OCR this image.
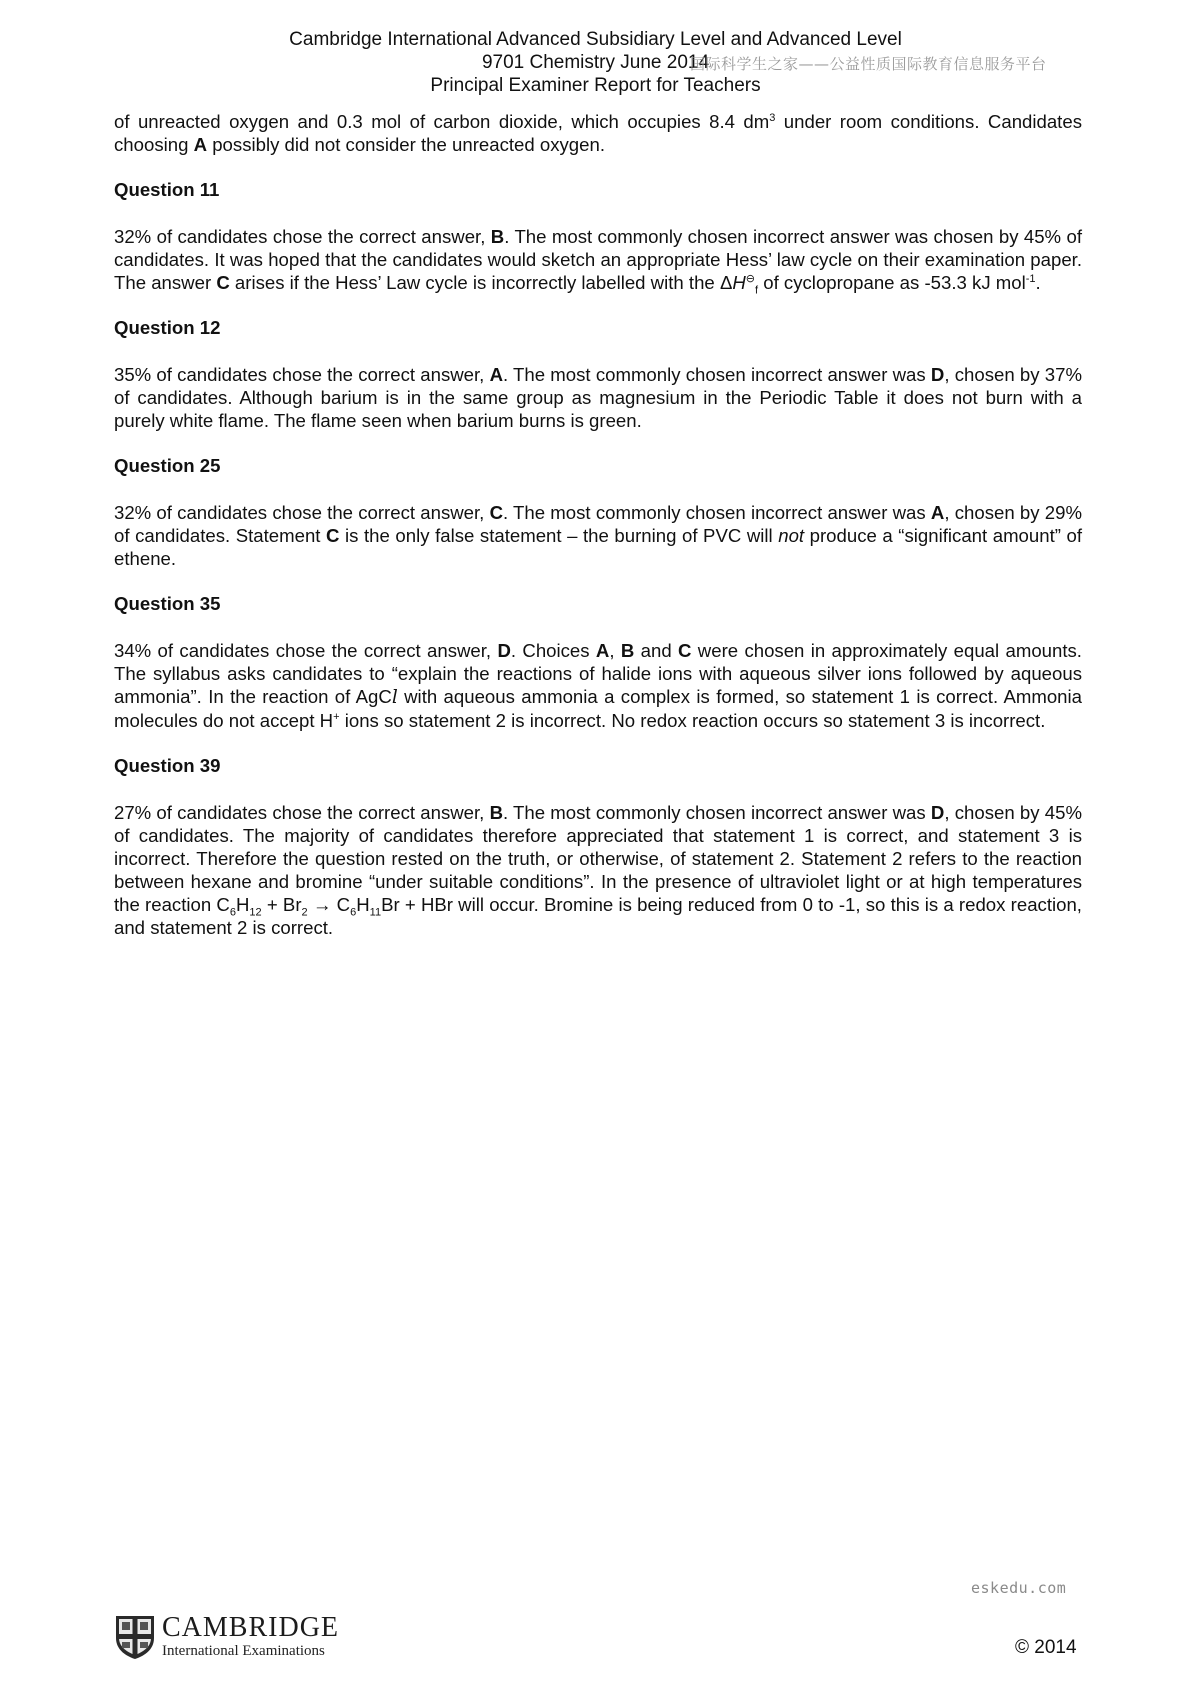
Cambridge International Advanced Subsidiary Level and Advanced Level
9701 Chemistry June 2014
Principal Examiner Report for Teachers
国际科学生之家——公益性质国际教育信息服务平台

of unreacted oxygen and 0.3 mol of carbon dioxide, which occupies 8.4 $dm^3$ under room conditions. Candidates choosing A possibly did not consider the unreacted oxygen.

Question 11

32% of candidates chose the correct answer, B. The most commonly chosen incorrect answer was chosen by 45% of candidates. It was hoped that the candidates would sketch an appropriate Hess’ law cycle on their examination paper. The answer C arises if the Hess’ Law cycle is incorrectly labelled with the $\Delta H^⊖_f$ of cyclopropane as -53.3 kJ mol$^{-1}$.

Question 12

35% of candidates chose the correct answer, A. The most commonly chosen incorrect answer was D, chosen by 37% of candidates. Although barium is in the same group as magnesium in the Periodic Table it does not burn with a purely white flame. The flame seen when barium burns is green.

Question 25

32% of candidates chose the correct answer, C. The most commonly chosen incorrect answer was A, chosen by 29% of candidates. Statement C is the only false statement – the burning of PVC will not produce a “significant amount” of ethene.

Question 35

34% of candidates chose the correct answer, D. Choices A, B and C were chosen in approximately equal amounts. The syllabus asks candidates to “explain the reactions of halide ions with aqueous silver ions followed by aqueous ammonia”. In the reaction of AgCl with aqueous ammonia a complex is formed, so statement 1 is correct. Ammonia molecules do not accept H+ ions so statement 2 is incorrect. No redox reaction occurs so statement 3 is incorrect.

Question 39

27% of candidates chose the correct answer, B. The most commonly chosen incorrect answer was D, chosen by 45% of candidates. The majority of candidates therefore appreciated that statement 1 is correct, and statement 3 is incorrect. Therefore the question rested on the truth, or otherwise, of statement 2. Statement 2 refers to the reaction between hexane and bromine “under suitable conditions”. In the presence of ultraviolet light or at high temperatures the reaction $C_6H_{12} + Br_2 \to C_6H_{11}Br$ + HBr will occur. Bromine is being reduced from 0 to -1, so this is a redox reaction, and statement 2 is correct.

eskedu.com
CAMBRIDGE
International Examinations	© 2014
